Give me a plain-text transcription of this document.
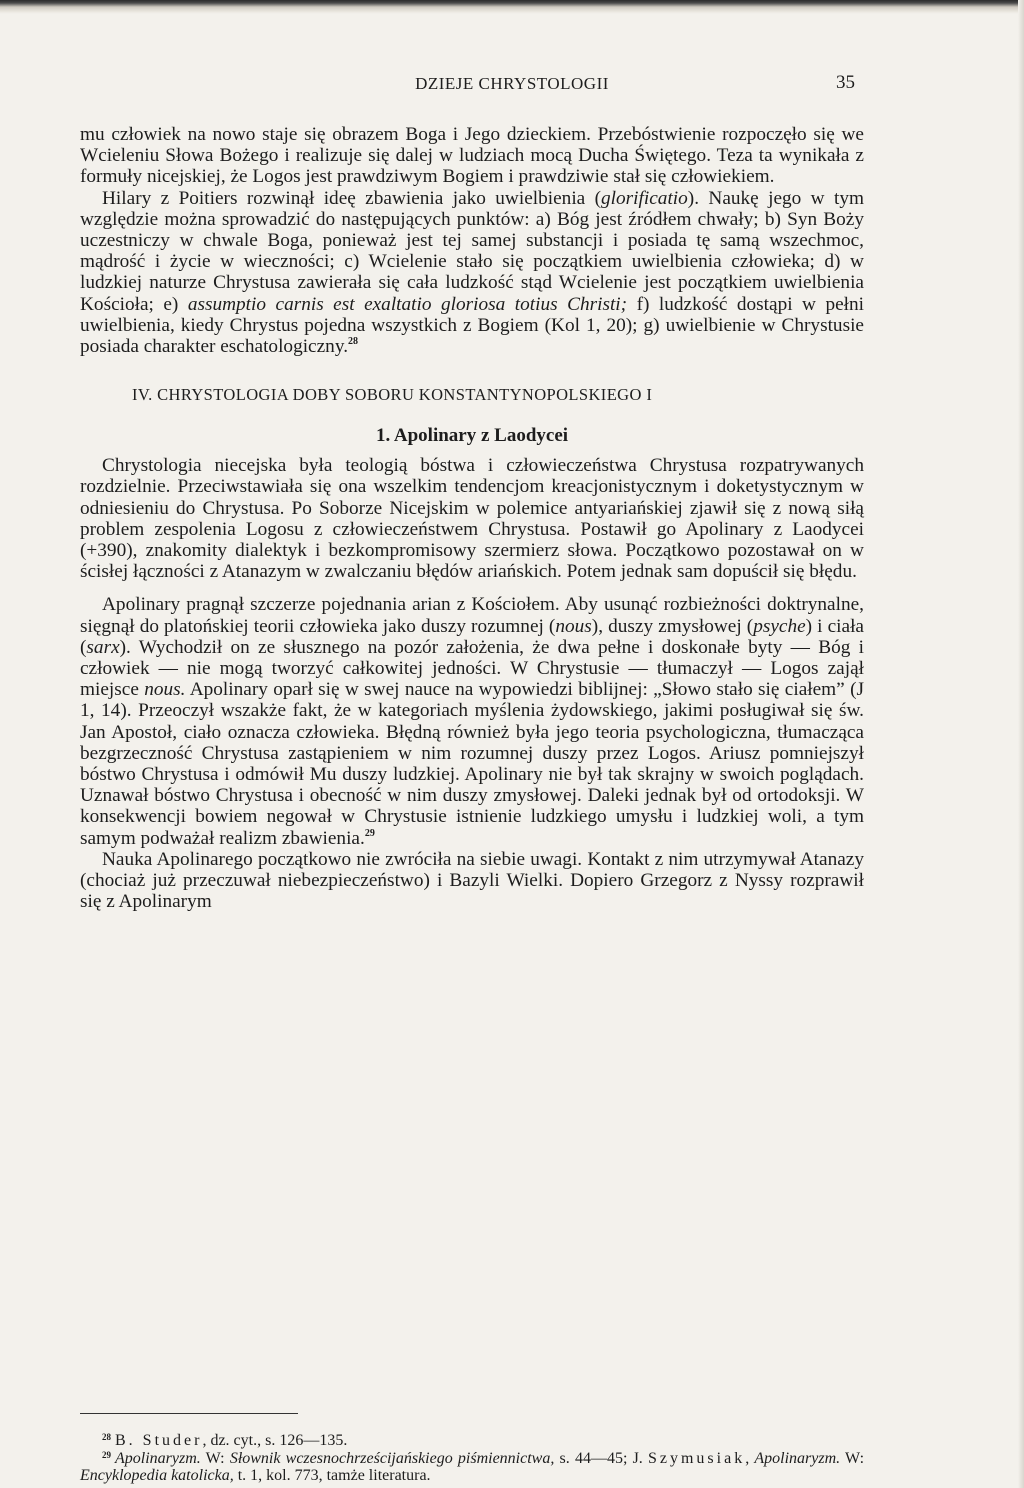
DZIEJE CHRYSTOLOGII	35

mu człowiek na nowo staje się obrazem Boga i Jego dzieckiem. Przebóstwienie rozpoczęło się we Wcieleniu Słowa Bożego i realizuje się dalej w ludziach mocą Ducha Świętego. Teza ta wynikała z formuły nicejskiej, że Logos jest prawdziwym Bogiem i prawdziwie stał się człowiekiem.

Hilary z Poitiers rozwinął ideę zbawienia jako uwielbienia (glorificatio). Naukę jego w tym względzie można sprowadzić do następujących punktów: a) Bóg jest źródłem chwały; b) Syn Boży uczestniczy w chwale Boga, ponieważ jest tej samej substancji i posiada tę samą wszechmoc, mądrość i życie w wieczności; c) Wcielenie stało się początkiem uwielbienia człowieka; d) w ludzkiej naturze Chrystusa zawierała się cała ludzkość stąd Wcielenie jest początkiem uwielbienia Kościoła; e) assumptio carnis est exaltatio gloriosa totius Christi; f) ludzkość dostąpi w pełni uwielbienia, kiedy Chrystus pojedna wszystkich z Bogiem (Kol 1, 20); g) uwielbienie w Chrystusie posiada charakter eschatologiczny.$^{28}$

IV. CHRYSTOLOGIA DOBY SOBORU KONSTANTYNOPOLSKIEGO I

1. Apolinary z Laodycei

Chrystologia niecejska była teologią bóstwa i człowieczeństwa Chrystusa rozpatrywanych rozdzielnie. Przeciwstawiała się ona wszelkim tendencjom kreacjonistycznym i doketystycznym w odniesieniu do Chrystusa. Po Soborze Nicejskim w polemice antyariańskiej zjawił się z nową siłą problem zespolenia Logosu z człowieczeństwem Chrystusa. Postawił go Apolinary z Laodycei (+390), znakomity dialektyk i bezkompromisowy szermierz słowa. Początkowo pozostawał on w ścisłej łączności z Atanazym w zwalczaniu błędów ariańskich. Potem jednak sam dopuścił się błędu.

Apolinary pragnął szczerze pojednania arian z Kościołem. Aby usunąć rozbieżności doktrynalne, sięgnął do platońskiej teorii człowieka jako duszy rozumnej (nous), duszy zmysłowej (psyche) i ciała (sarx). Wychodził on ze słusznego na pozór założenia, że dwa pełne i doskonałe byty — Bóg i człowiek — nie mogą tworzyć całkowitej jedności. W Chrystusie — tłumaczył — Logos zajął miejsce nous. Apolinary oparł się w swej nauce na wypowiedzi biblijnej: „Słowo stało się ciałem” (J 1, 14). Przeoczył wszakże fakt, że w kategoriach myślenia żydowskiego, jakimi posługiwał się św. Jan Apostoł, ciało oznacza człowieka. Błędną również była jego teoria psychologiczna, tłumacząca bezgrzeczność Chrystusa zastąpieniem w nim rozumnej duszy przez Logos. Ariusz pomniejszył bóstwo Chrystusa i odmówił Mu duszy ludzkiej. Apolinary nie był tak skrajny w swoich poglądach. Uznawał bóstwo Chrystusa i obecność w nim duszy zmysłowej. Daleki jednak był od ortodoksji. W konsekwencji bowiem negował w Chrystusie istnienie ludzkiego umysłu i ludzkiej woli, a tym samym podważał realizm zbawienia.$^{29}$

Nauka Apolinarego początkowo nie zwróciła na siebie uwagi. Kontakt z nim utrzymywał Atanazy (chociaż już przeczuwał niebezpieczeństwo) i Bazyli Wielki. Dopiero Grzegorz z Nyssy rozprawił się z Apolinarym

$^{28}$ B. Studer, dz. cyt., s. 126—135.

$^{29}$ Apolinaryzm. W: Słownik wczesnochrześcijańskiego piśmiennictwa, s. 44—45; J. Szymusiak, Apolinaryzm. W: Encyklopedia katolicka, t. 1, kol. 773, tamże literatura.
